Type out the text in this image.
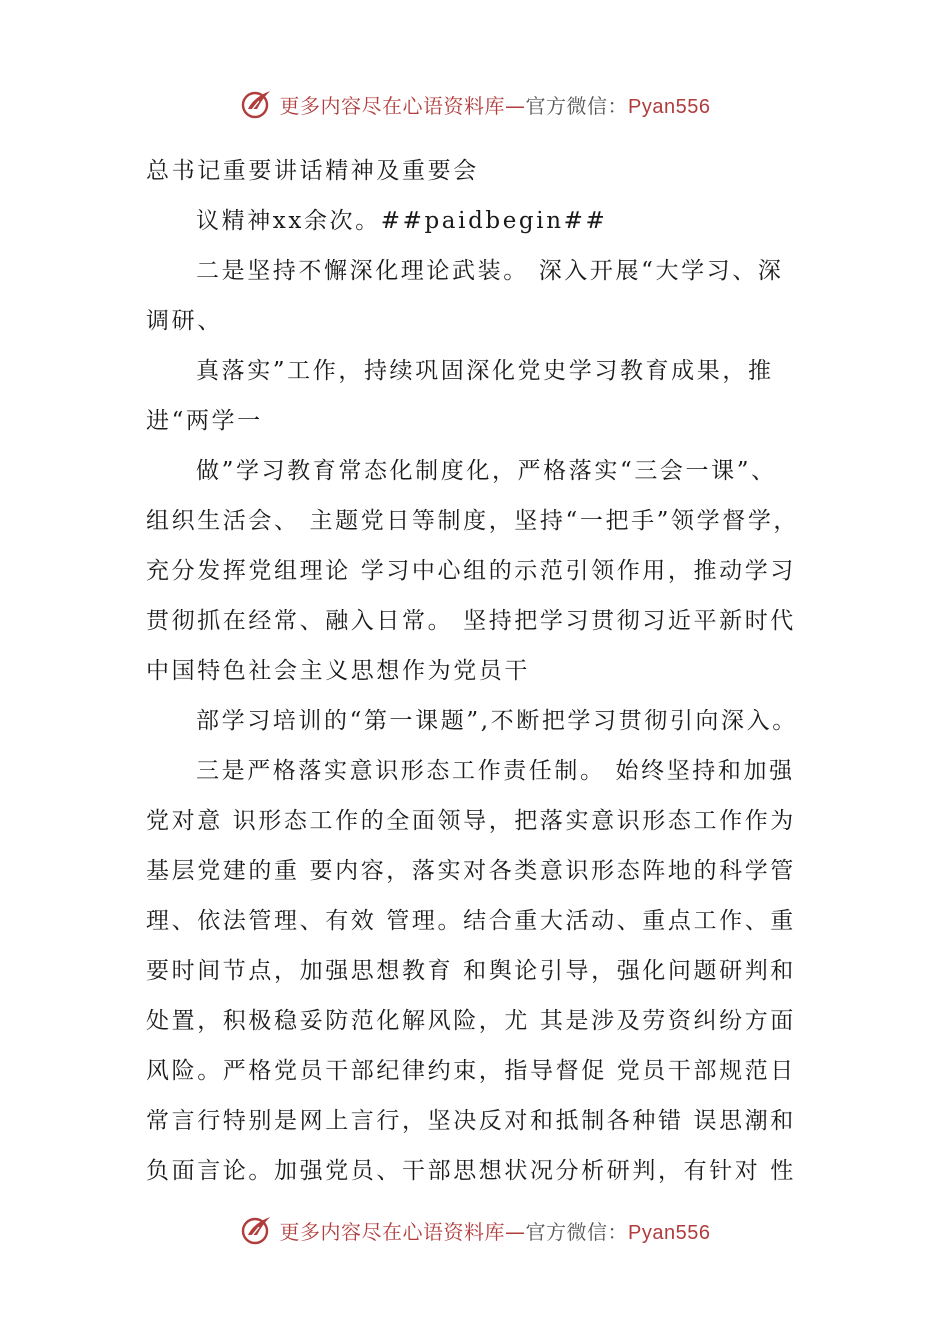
更多内容尽在心语资料库—官方微信：Pyan556
总书记重要讲话精神及重要会
议精神xx余次。##paidbegin##
二是坚持不懈深化理论武装。 深入开展“大学习、深
调研、
真落实”工作，持续巩固深化党史学习教育成果，推
进“两学一
做”学习教育常态化制度化，严格落实“三会一课”、
组织生活会、 主题党日等制度，坚持“一把手”领学督学，
充分发挥党组理论 学习中心组的示范引领作用，推动学习
贯彻抓在经常、融入日常。 坚持把学习贯彻习近平新时代
中国特色社会主义思想作为党员干
部学习培训的“第一课题”,不断把学习贯彻引向深入。
三是严格落实意识形态工作责任制。 始终坚持和加强
党对意 识形态工作的全面领导，把落实意识形态工作作为
基层党建的重 要内容，落实对各类意识形态阵地的科学管
理、依法管理、有效 管理。结合重大活动、重点工作、重
要时间节点，加强思想教育 和舆论引导，强化问题研判和
处置，积极稳妥防范化解风险，尤 其是涉及劳资纠纷方面
风险。严格党员干部纪律约束，指导督促 党员干部规范日
常言行特别是网上言行，坚决反对和抵制各种错 误思潮和
负面言论。加强党员、干部思想状况分析研判，有针对 性
更多内容尽在心语资料库—官方微信：Pyan556
